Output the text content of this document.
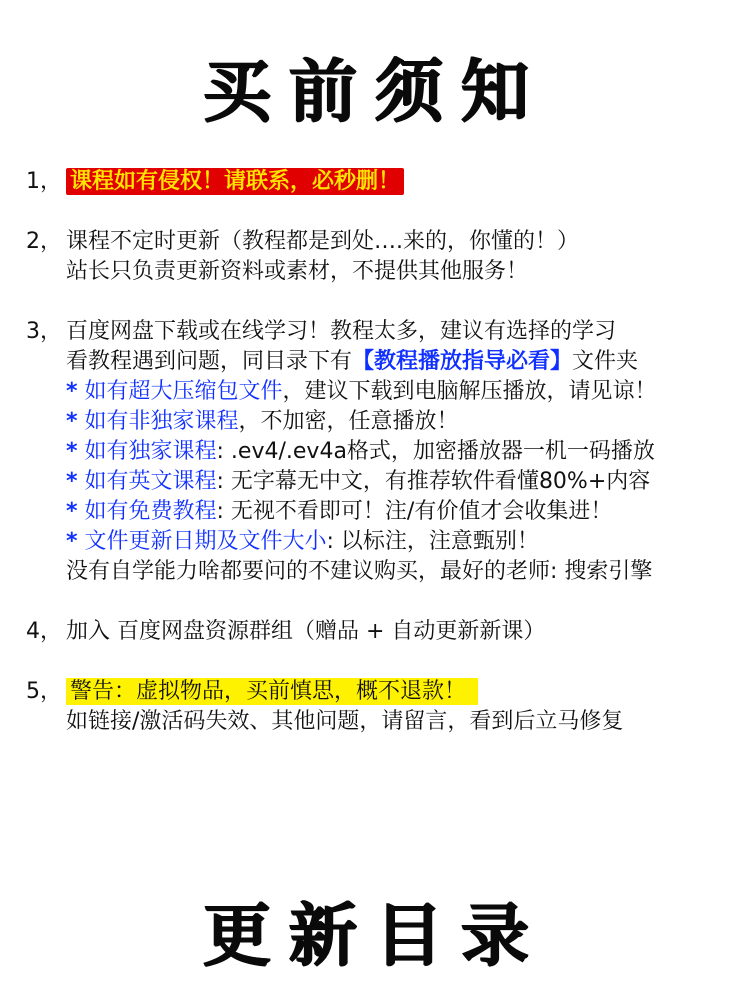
买前须知
1， 课程如有侵权！请联系，必秒删！
2， 课程不定时更新（教程都是到处….来的，你懂的！）
站长只负责更新资料或素材，不提供其他服务！
3， 百度网盘下载或在线学习！教程太多，建议有选择的学习
看教程遇到问题，同目录下有【教程播放指导必看】文件夹
* 如有超大压缩包文件，建议下载到电脑解压播放，请见谅！
* 如有非独家课程，不加密，任意播放！
* 如有独家课程: .ev4/.ev4a格式，加密播放器一机一码播放
* 如有英文课程: 无字幕无中文，有推荐软件看懂80%+内容
* 如有免费教程: 无视不看即可！注/有价值才会收集进！
* 文件更新日期及文件大小: 以标注，注意甄别！
没有自学能力啥都要问的不建议购买，最好的老师: 搜索引擎
4， 加入 百度网盘资源群组（赠品 + 自动更新新课）
5， 警告：虚拟物品，买前慎思，概不退款！
如链接/激活码失效、其他问题，请留言，看到后立马修复
更新目录
